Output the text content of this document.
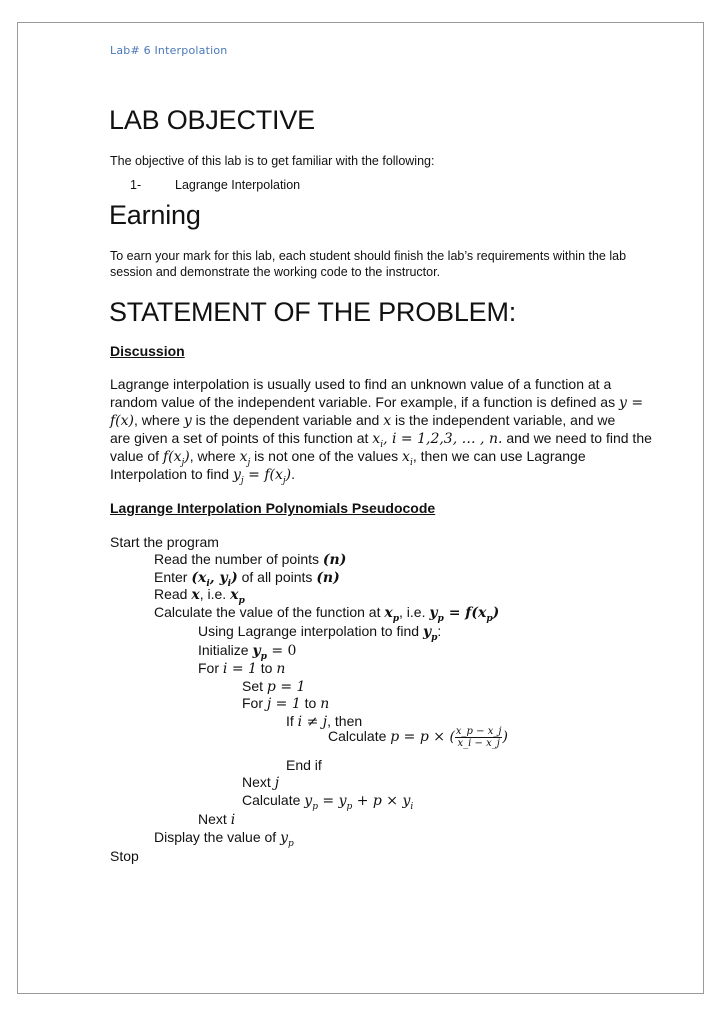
Lab# 6 Interpolation
LAB OBJECTIVE
The objective of this lab is to get familiar with the following:
1-	Lagrange Interpolation
Earning
To earn your mark for this lab, each student should finish the lab’s requirements within the lab
session and demonstrate the working code to the instructor.
STATEMENT OF THE PROBLEM:
Discussion
Lagrange interpolation is usually used to find an unknown value of a function at a
random value of the independent variable. For example, if a function is defined as y =
f(x), where y is the dependent variable and x is the independent variable, and we
are given a set of points of this function at $x_i$, i = 1,2,3, … , n. and we need to find the
value of $f(x_j)$, where $x_j$ is not one of the values $x_i$, then we can use Lagrange
Interpolation to find $y_j = f(x_j)$.
Lagrange Interpolation Polynomials Pseudocode
Start the program
Read the number of points (n)
Enter ($x_i$, $y_i$) of all points (n)
Read x, i.e. $x_p$
Calculate the value of the function at $x_p$, i.e. $y_p = f(x_p)$
Using Lagrange interpolation to find $y_p$:
Initialize $y_p = 0$
For i = 1 to n
Set p = 1
For j = 1 to n
If i ≠ j, then
Calculate p = p × ( $\frac{x\_p - x\_j}{x\_i - x\_j}$ )
End if
Next j
Calculate $y_p = y_p + p \times y_i$
Next i
Display the value of $y_p$
Stop
